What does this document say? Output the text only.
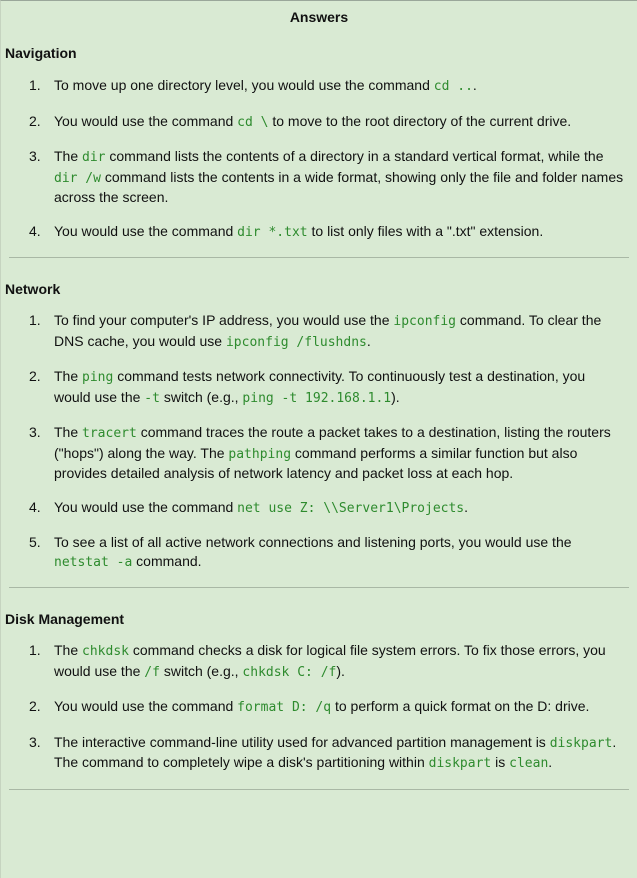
Answers
Navigation
1. To move up one directory level, you would use the command cd ...
2. You would use the command cd \ to move to the root directory of the current drive.
3. The dir command lists the contents of a directory in a standard vertical format, while the dir /w command lists the contents in a wide format, showing only the file and folder names across the screen.
4. You would use the command dir *.txt to list only files with a ".txt" extension.
Network
1. To find your computer's IP address, you would use the ipconfig command. To clear the DNS cache, you would use ipconfig /flushdns.
2. The ping command tests network connectivity. To continuously test a destination, you would use the -t switch (e.g., ping -t 192.168.1.1).
3. The tracert command traces the route a packet takes to a destination, listing the routers ("hops") along the way. The pathping command performs a similar function but also provides detailed analysis of network latency and packet loss at each hop.
4. You would use the command net use Z: \\Server1\Projects.
5. To see a list of all active network connections and listening ports, you would use the netstat -a command.
Disk Management
1. The chkdsk command checks a disk for logical file system errors. To fix those errors, you would use the /f switch (e.g., chkdsk C: /f).
2. You would use the command format D: /q to perform a quick format on the D: drive.
3. The interactive command-line utility used for advanced partition management is diskpart. The command to completely wipe a disk's partitioning within diskpart is clean.
